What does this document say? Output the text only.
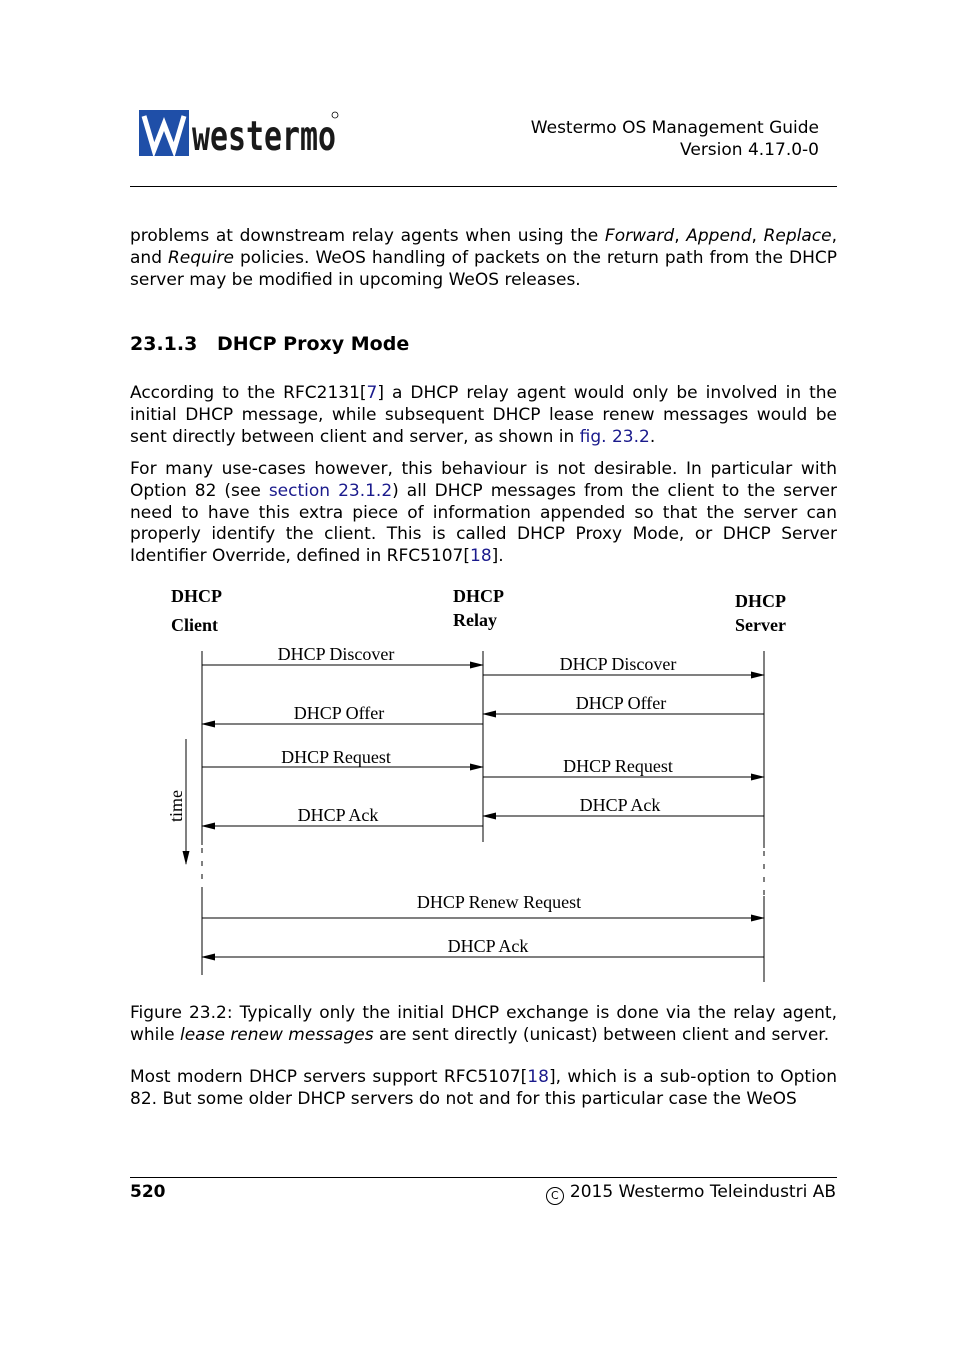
westermo	Westermo OS Management Guide
Version 4.17.0-0

problems at downstream relay agents when using the Forward, Append, Replace, and Require policies. WeOS handling of packets on the return path from the DHCP server may be modified in upcoming WeOS releases.

23.1.3 DHCP Proxy Mode

According to the RFC2131[7] a DHCP relay agent would only be involved in the initial DHCP message, while subsequent DHCP lease renew messages would be sent directly between client and server, as shown in fig. 23.2.

For many use-cases however, this behaviour is not desirable. In particular with Option 82 (see section 23.1.2) all DHCP messages from the client to the server need to have this extra piece of information appended so that the server can properly identify the client. This is called DHCP Proxy Mode, or DHCP Server Identifier Override, defined in RFC5107[18].

DHCP
Client
DHCP
Relay
DHCP
Server
time
DHCP Discover	DHCP Discover
DHCP Offer	DHCP Offer
DHCP Request	DHCP Request
DHCP Ack	DHCP Ack
DHCP Renew Request
DHCP Ack

Figure 23.2: Typically only the initial DHCP exchange is done via the relay agent, while lease renew messages are sent directly (unicast) between client and server.

Most modern DHCP servers support RFC5107[18], which is a sub-option to Option 82. But some older DHCP servers do not and for this particular case the WeOS

520	C 2015 Westermo Teleindustri AB
